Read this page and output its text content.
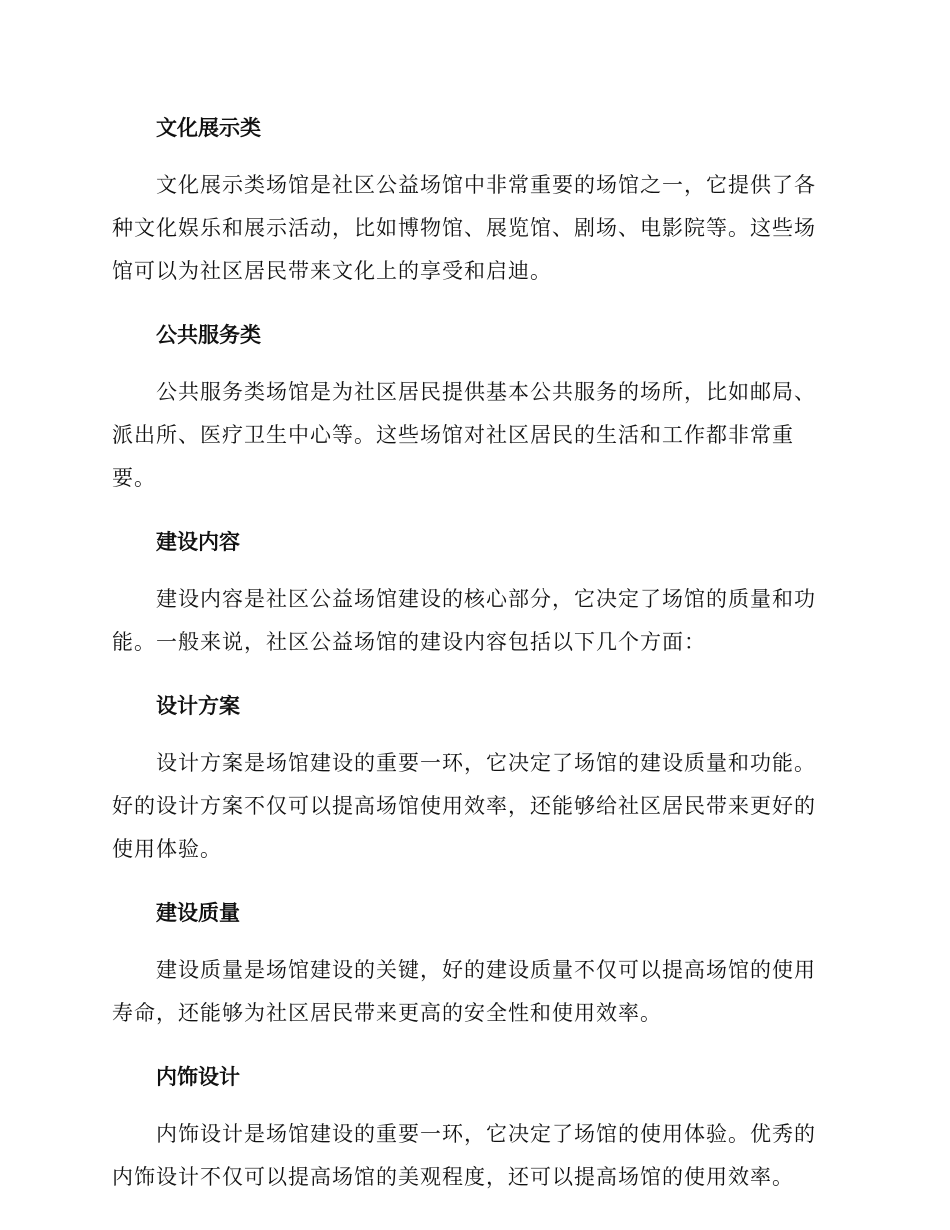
文化展示类

文化展示类场馆是社区公益场馆中非常重要的场馆之一，它提供了各种文化娱乐和展示活动，比如博物馆、展览馆、剧场、电影院等。这些场馆可以为社区居民带来文化上的享受和启迪。

公共服务类

公共服务类场馆是为社区居民提供基本公共服务的场所，比如邮局、派出所、医疗卫生中心等。这些场馆对社区居民的生活和工作都非常重要。

建设内容

建设内容是社区公益场馆建设的核心部分，它决定了场馆的质量和功能。一般来说，社区公益场馆的建设内容包括以下几个方面：

设计方案

设计方案是场馆建设的重要一环，它决定了场馆的建设质量和功能。好的设计方案不仅可以提高场馆使用效率，还能够给社区居民带来更好的使用体验。

建设质量

建设质量是场馆建设的关键，好的建设质量不仅可以提高场馆的使用寿命，还能够为社区居民带来更高的安全性和使用效率。

内饰设计

内饰设计是场馆建设的重要一环，它决定了场馆的使用体验。优秀的内饰设计不仅可以提高场馆的美观程度，还可以提高场馆的使用效率。
